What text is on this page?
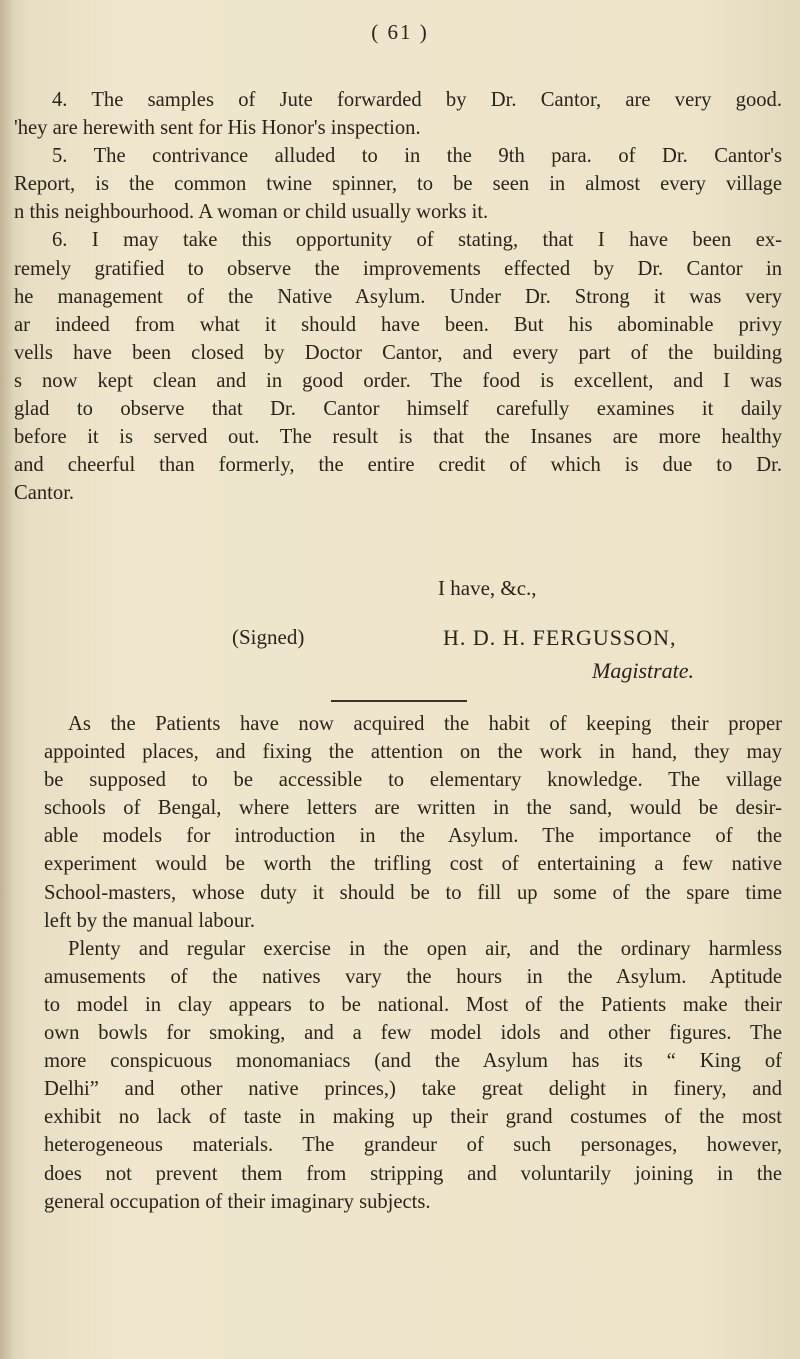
( 61 )
4. The samples of Jute forwarded by Dr. Cantor, are very good.
'hey are herewith sent for His Honor's inspection.
5. The contrivance alluded to in the 9th para. of Dr. Cantor's
Report, is the common twine spinner, to be seen in almost every village
n this neighbourhood. A woman or child usually works it.
6. I may take this opportunity of stating, that I have been ex-
remely gratified to observe the improvements effected by Dr. Cantor in
he management of the Native Asylum. Under Dr. Strong it was very
ar indeed from what it should have been. But his abominable privy
vells have been closed by Doctor Cantor, and every part of the building
s now kept clean and in good order. The food is excellent, and I was
glad to observe that Dr. Cantor himself carefully examines it daily
before it is served out. The result is that the Insanes are more healthy
and cheerful than formerly, the entire credit of which is due to Dr.
Cantor.
I have, &c.,
(Signed)	H. D. H. FERGUSSON,
Magistrate.
As the Patients have now acquired the habit of keeping their proper
appointed places, and fixing the attention on the work in hand, they may
be supposed to be accessible to elementary knowledge. The village
schools of Bengal, where letters are written in the sand, would be desir-
able models for introduction in the Asylum. The importance of the
experiment would be worth the trifling cost of entertaining a few native
School-masters, whose duty it should be to fill up some of the spare time
left by the manual labour.
Plenty and regular exercise in the open air, and the ordinary harmless
amusements of the natives vary the hours in the Asylum. Aptitude
to model in clay appears to be national. Most of the Patients make their
own bowls for smoking, and a few model idols and other figures. The
more conspicuous monomaniacs (and the Asylum has its “ King of
Delhi” and other native princes,) take great delight in finery, and
exhibit no lack of taste in making up their grand costumes of the most
heterogeneous materials. The grandeur of such personages, however,
does not prevent them from stripping and voluntarily joining in the
general occupation of their imaginary subjects.
